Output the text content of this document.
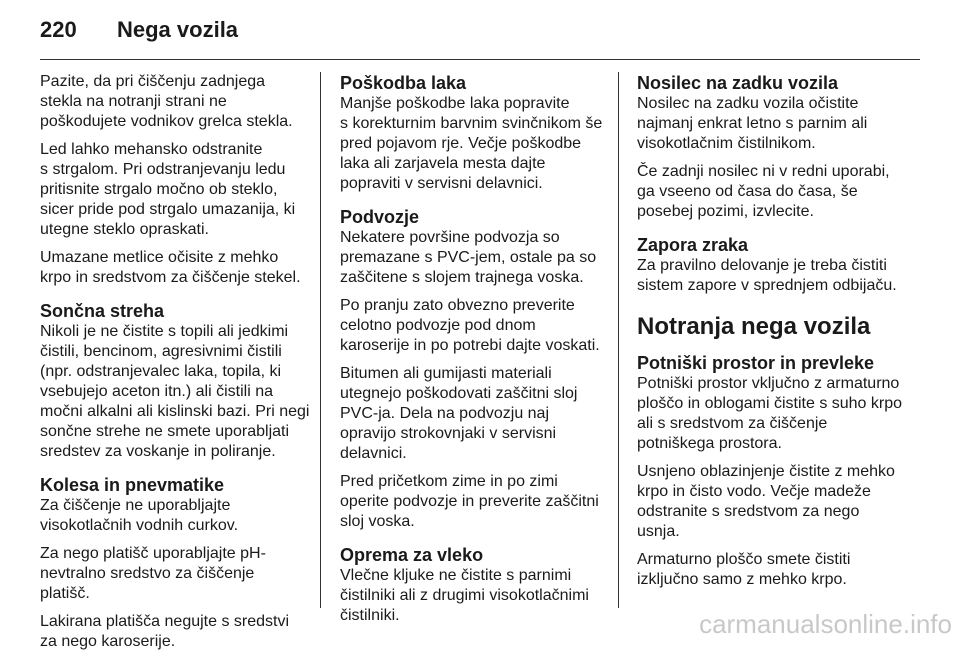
220 Nega vozila

Pazite, da pri čiščenju zadnjega
stekla na notranji strani ne
poškodujete vodnikov grelca stekla.

Led lahko mehansko odstranite
s strgalom. Pri odstranjevanju ledu
pritisnite strgalo močno ob steklo,
sicer pride pod strgalo umazanija, ki
utegne steklo opraskati.

Umazane metlice očisite z mehko
krpo in sredstvom za čiščenje stekel.

Sončna streha

Nikoli je ne čistite s topili ali jedkimi
čistili, bencinom, agresivnimi čistili
(npr. odstranjevalec laka, topila, ki
vsebujejo aceton itn.) ali čistili na
močni alkalni ali kislinski bazi. Pri negi
sončne strehe ne smete uporabljati
sredstev za voskanje in poliranje.

Kolesa in pnevmatike

Za čiščenje ne uporabljajte
visokotlačnih vodnih curkov.

Za nego platišč uporabljajte pH-
nevtralno sredstvo za čiščenje
platišč.

Lakirana platišča negujte s sredstvi
za nego karoserije.

Poškodba laka

Manjše poškodbe laka popravite
s korekturnim barvnim svinčnikom še
pred pojavom rje. Večje poškodbe
laka ali zarjavela mesta dajte
popraviti v servisni delavnici.

Podvozje

Nekatere površine podvozja so
premazane s PVC-jem, ostale pa so
zaščitene s slojem trajnega voska.

Po pranju zato obvezno preverite
celotno podvozje pod dnom
karoserije in po potrebi dajte voskati.

Bitumen ali gumijasti materiali
utegnejo poškodovati zaščitni sloj
PVC-ja. Dela na podvozju naj
opravijo strokovnjaki v servisni
delavnici.

Pred pričetkom zime in po zimi
operite podvozje in preverite zaščitni
sloj voska.

Oprema za vleko

Vlečne kljuke ne čistite s parnimi
čistilniki ali z drugimi visokotlačnimi
čistilniki.

Nosilec na zadku vozila

Nosilec na zadku vozila očistite
najmanj enkrat letno s parnim ali
visokotlačnim čistilnikom.

Če zadnji nosilec ni v redni uporabi,
ga vseeno od časa do časa, še
posebej pozimi, izvlecite.

Zapora zraka

Za pravilno delovanje je treba čistiti
sistem zapore v sprednjem odbijaču.

Notranja nega vozila
Potniški prostor in prevleke

Potniški prostor vključno z armaturno
ploščo in oblogami čistite s suho krpo
ali s sredstvom za čiščenje
potniškega prostora.

Usnjeno oblazinjenje čistite z mehko
krpo in čisto vodo. Večje madeže
odstranite s sredstvom za nego
usnja.

Armaturno ploščo smete čistiti
izključno samo z mehko krpo.

carmanualsonline.info
